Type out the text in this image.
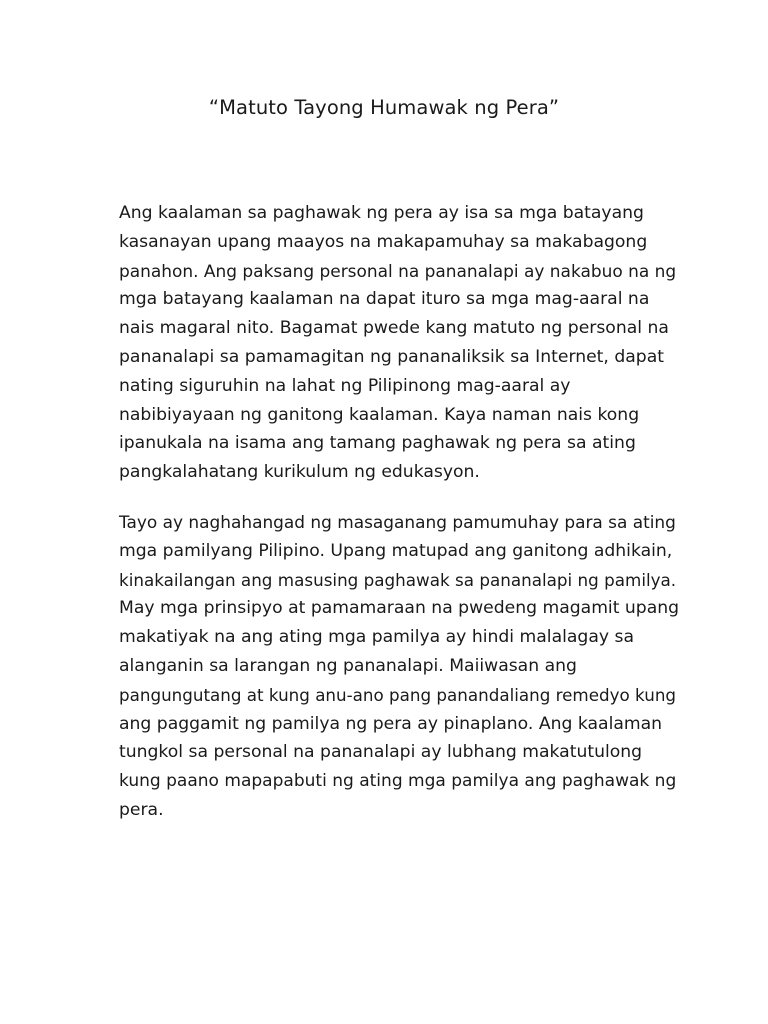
“Matuto Tayong Humawak ng Pera”
Ang kaalaman sa paghawak ng pera ay isa sa mga batayang
kasanayan upang maayos na makapamuhay sa makabagong
panahon. Ang paksang personal na pananalapi ay nakabuo na ng
mga batayang kaalaman na dapat ituro sa mga mag-aaral na
nais magaral nito. Bagamat pwede kang matuto ng personal na
pananalapi sa pamamagitan ng pananaliksik sa Internet, dapat
nating siguruhin na lahat ng Pilipinong mag-aaral ay
nabibiyayaan ng ganitong kaalaman. Kaya naman nais kong
ipanukala na isama ang tamang paghawak ng pera sa ating
pangkalahatang kurikulum ng edukasyon.
Tayo ay naghahangad ng masaganang pamumuhay para sa ating
mga pamilyang Pilipino. Upang matupad ang ganitong adhikain,
kinakailangan ang masusing paghawak sa pananalapi ng pamilya.
May mga prinsipyo at pamamaraan na pwedeng magamit upang
makatiyak na ang ating mga pamilya ay hindi malalagay sa
alanganin sa larangan ng pananalapi. Maiiwasan ang
pangungutang at kung anu-ano pang panandaliang remedyo kung
ang paggamit ng pamilya ng pera ay pinaplano. Ang kaalaman
tungkol sa personal na pananalapi ay lubhang makatutulong
kung paano mapapabuti ng ating mga pamilya ang paghawak ng
pera.
